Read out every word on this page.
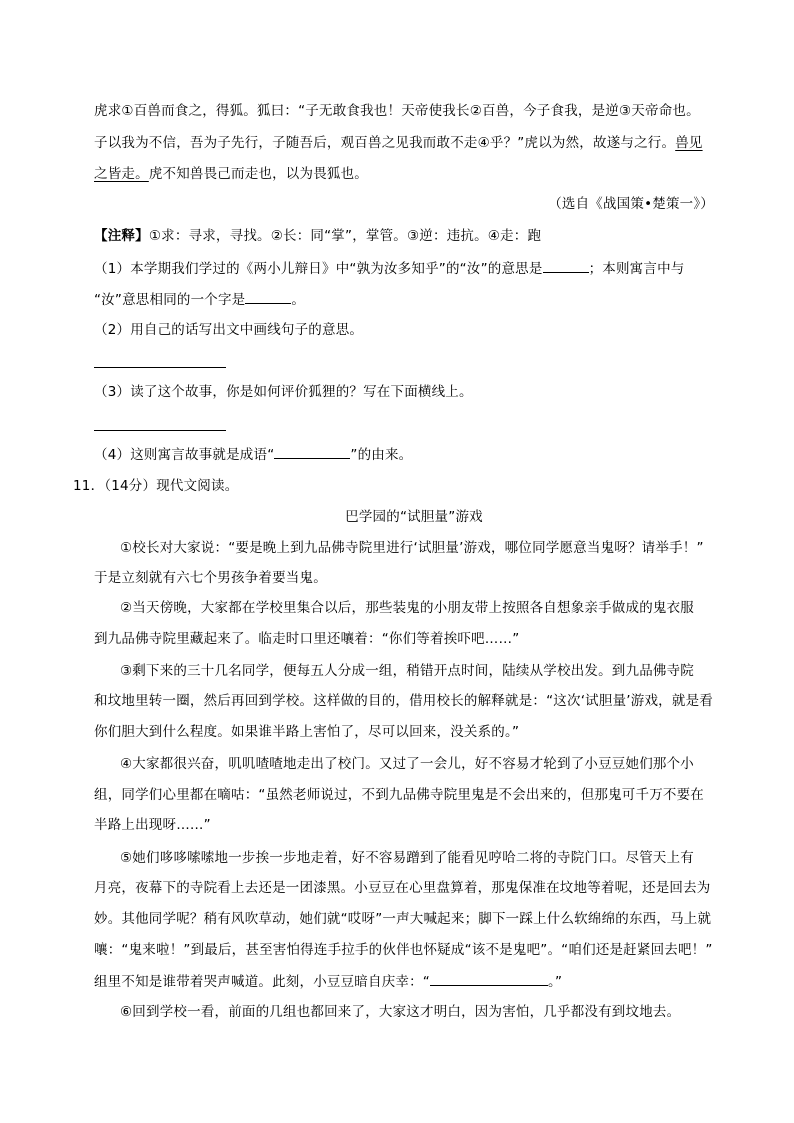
虎求①百兽而食之，得狐。狐曰：“子无敢食我也！天帝使我长②百兽，今子食我，是逆③天帝命也。
子以我为不信，吾为子先行，子随吾后，观百兽之见我而敢不走④乎？”虎以为然，故遂与之行。兽见
之皆走。虎不知兽畏己而走也，以为畏狐也。
（选自《战国策•楚策一》）
【注释】①求：寻求，寻找。②长：同“掌”，掌管。③逆：违抗。④走：跑
（1）本学期我们学过的《两小儿辩日》中“孰为汝多知乎”的“汝”的意思是	；本则寓言中与
“汝”意思相同的一个字是	。
（2）用自己的话写出文中画线句子的意思。
（3）读了这个故事，你是如何评价狐狸的？写在下面横线上。
（4）这则寓言故事就是成语“	”的由来。
11．（14分）现代文阅读。
巴学园的“试胆量”游戏
①校长对大家说：“要是晚上到九品佛寺院里进行‘试胆量’游戏，哪位同学愿意当鬼呀？请举手！”
于是立刻就有六七个男孩争着要当鬼。
②当天傍晚，大家都在学校里集合以后，那些装鬼的小朋友带上按照各自想象亲手做成的鬼衣服
到九品佛寺院里藏起来了。临走时口里还嚷着：“你们等着挨吓吧……”
③剩下来的三十几名同学，便每五人分成一组，稍错开点时间，陆续从学校出发。到九品佛寺院
和坟地里转一圈，然后再回到学校。这样做的目的，借用校长的解释就是：“这次‘试胆量’游戏，就是看
你们胆大到什么程度。如果谁半路上害怕了，尽可以回来，没关系的。”
④大家都很兴奋，叽叽喳喳地走出了校门。又过了一会儿，好不容易才轮到了小豆豆她们那个小
组，同学们心里都在嘀咕：“虽然老师说过，不到九品佛寺院里鬼是不会出来的，但那鬼可千万不要在
半路上出现呀……”
⑤她们哆哆嗦嗦地一步挨一步地走着，好不容易蹭到了能看见哼哈二将的寺院门口。尽管天上有
月亮，夜幕下的寺院看上去还是一团漆黑。小豆豆在心里盘算着，那鬼保准在坟地等着呢，还是回去为
妙。其他同学呢？稍有风吹草动，她们就“哎呀”一声大喊起来；脚下一踩上什么软绵绵的东西，马上就
嚷：“鬼来啦！”到最后，甚至害怕得连手拉手的伙伴也怀疑成“该不是鬼吧”。“咱们还是赶紧回去吧！”
组里不知是谁带着哭声喊道。此刻，小豆豆暗自庆幸：“	。”
⑥回到学校一看，前面的几组也都回来了，大家这才明白，因为害怕，几乎都没有到坟地去。
